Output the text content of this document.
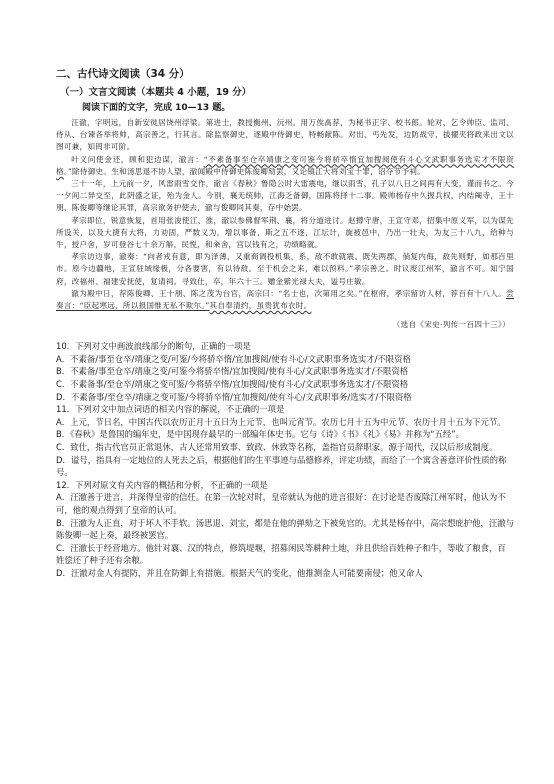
二、古代诗文阅读（34 分）
（一）文言文阅读（本题共 4 小题，19 分）
阅读下面的文字，完成 10—13 题。

汪澈，字明远，自新安徙居饶州浮梁。第进士，教授衡州、沅州。用万俟卨荐，为秘书正字、校书郎。轮对，乞令帅臣、监司、侍从、台谏各举将帅，高宗善之，行其言。除监察御史，逐殿中侍御史，特畅献陈。对出，丐先发，边防战守，拔擢夹将政来出文以图可兼，知罔非可阶。

叶义问使金还，顾和犯边谋，澈言：“不素备事至仓卒靖康之变可鉴今将骄卒惰宜加搜阅使有斗心文武职事务选实才不限资格。”除侍御史。生和汤思退不协人望，澈闻殿中侍御史陈俊卿劾罢，又论镇江大将刘宝十罪，诏夺节予祠。

三十一年，上元前一夕，风雷雨雪交作，澈言《春秋》鲁隐公时大雷震电，继以雨雪，孔子以八日之间再有大变，谨而书之。今一夕间二异交至，此阴盛之证，殆为金人。今别，襄无统帅，江海乏备御，国陈将择十二事。殿帅杨存中久握兵权，内结阉寺，王十朋、陈俊卿等继论其罪，高宗欲务护使去，澈与俊卿同其奏，存中始罢。

孝宗即位，锐意恢复，首用张浚使江、淮，澈以参佛督军荆、襄，将分道进讨。赵撙守唐，王宣守邓，招集中原义军，以为谋先所设关，以及大捷有大将，力劝固，严数义为，增以事备，斯之五不逐，江坛计，旋被邑中，乃出一壮夫，为友三十八九，给种与牛，授户舍，岁可登谷七十余万斛，民悦，和籴舍，宫以钱有之，功绩略就。

孝宗访边事，澈奏：“向者戎有意，即为泽薄，又重商调投机集，系，敌不敢就震。既失两郡，倘复内侮，敌先则野，如那百里市。原今边疆地，王宣驻域缘极，分各要害，有以待敌。至于机会之来，难以预料。”孝宗善之。时议废江州军，澈言不可。知宁国府，改福州、福建安抚使，复请祠。寻致仕，卒，年六十三。赠金紫光禄大夫，谥号庄敏。

澈为殿中日，荐陈俊卿、王十朋、陈之茂为台官，高宗曰：“名士也，次第用之矣。”在枢府，孝宗留访人材，荐百有十八人。尝奏言：“臣起寒远，所以报国惟无私不欺尔。”其自奉清约，虽贵犹布衣时。

（选自《宋史·列传一百四十三》）

10．下列对文中画波浪线部分的断句，正确的一项是

A．不素备/事至仓卒/靖康之变/可鉴/今将骄卒惰/宜加搜阅/使有斗心/文武职事务选实才/不限资格

B．不素备/事至仓卒/靖康之变/可鉴今将骄卒惰/宜加搜阅/使有斗心/文武职事务选实才/不限资格

C．不素备事/至仓卒/靖康之变可鉴/今将骄卒惰/宜加搜阅/使有斗心/文武职事务选实才/不限资格

D．不素备事/至仓卒/靖康之变可鉴/今将骄卒惰/宜加搜阅/使有斗心/文武职事务/选实才/不限资格

11．下列对文中加点词语的相关内容的解说，不正确的一项是

A．上元，节日名，中国古代以农历正月十五日为上元节，也叫元宵节。农历七月十五为中元节、农历十月十五为下元节。

B．《春秋》是鲁国的编年史，是中国现存最早的一部编年体史书。它与《诗》《书》《礼》《易》并称为“五经”。

C．致仕，指古代官员正常退休，古人还常用致事、致政、休致等名称，盖指官员辞职家。源于周代，汉以后形成制度。

D．谥号，指具有一定地位的人死去之后，根据他们的生平事迹与品德修养，评定功绩，而给了一个寓含善意评价性质的称号。

12．下列对原文有关内容的概括和分析，不正确的一项是

A．汪澈善于进言，并深得皇帝的信任。在第一次轮对时，皇帝就认为他的进言很好：在讨论是否废除江州军时，他认为不可，他的观点得到了皇帝的认可。

B．汪澈为人正直，对于坏人不手软。汤思退、刘宝，都是在他的弹劾之下被免官的。尤其是杨存中，高宗想庇护他，汪澈与陈俊卿一起上奏，最终被罢官。

C．汪澈长于经营地方。他针对襄、汉的特点，修筑堤堰，招募闲民等耕种土地，并且供给百姓种子和牛，等收了粮食，百姓偿还了种子还有余粮。

D．汪澈对金人有提防，并且在防御上有措施。根据天气的变化，他推测金人可能要南侵；他又命人
